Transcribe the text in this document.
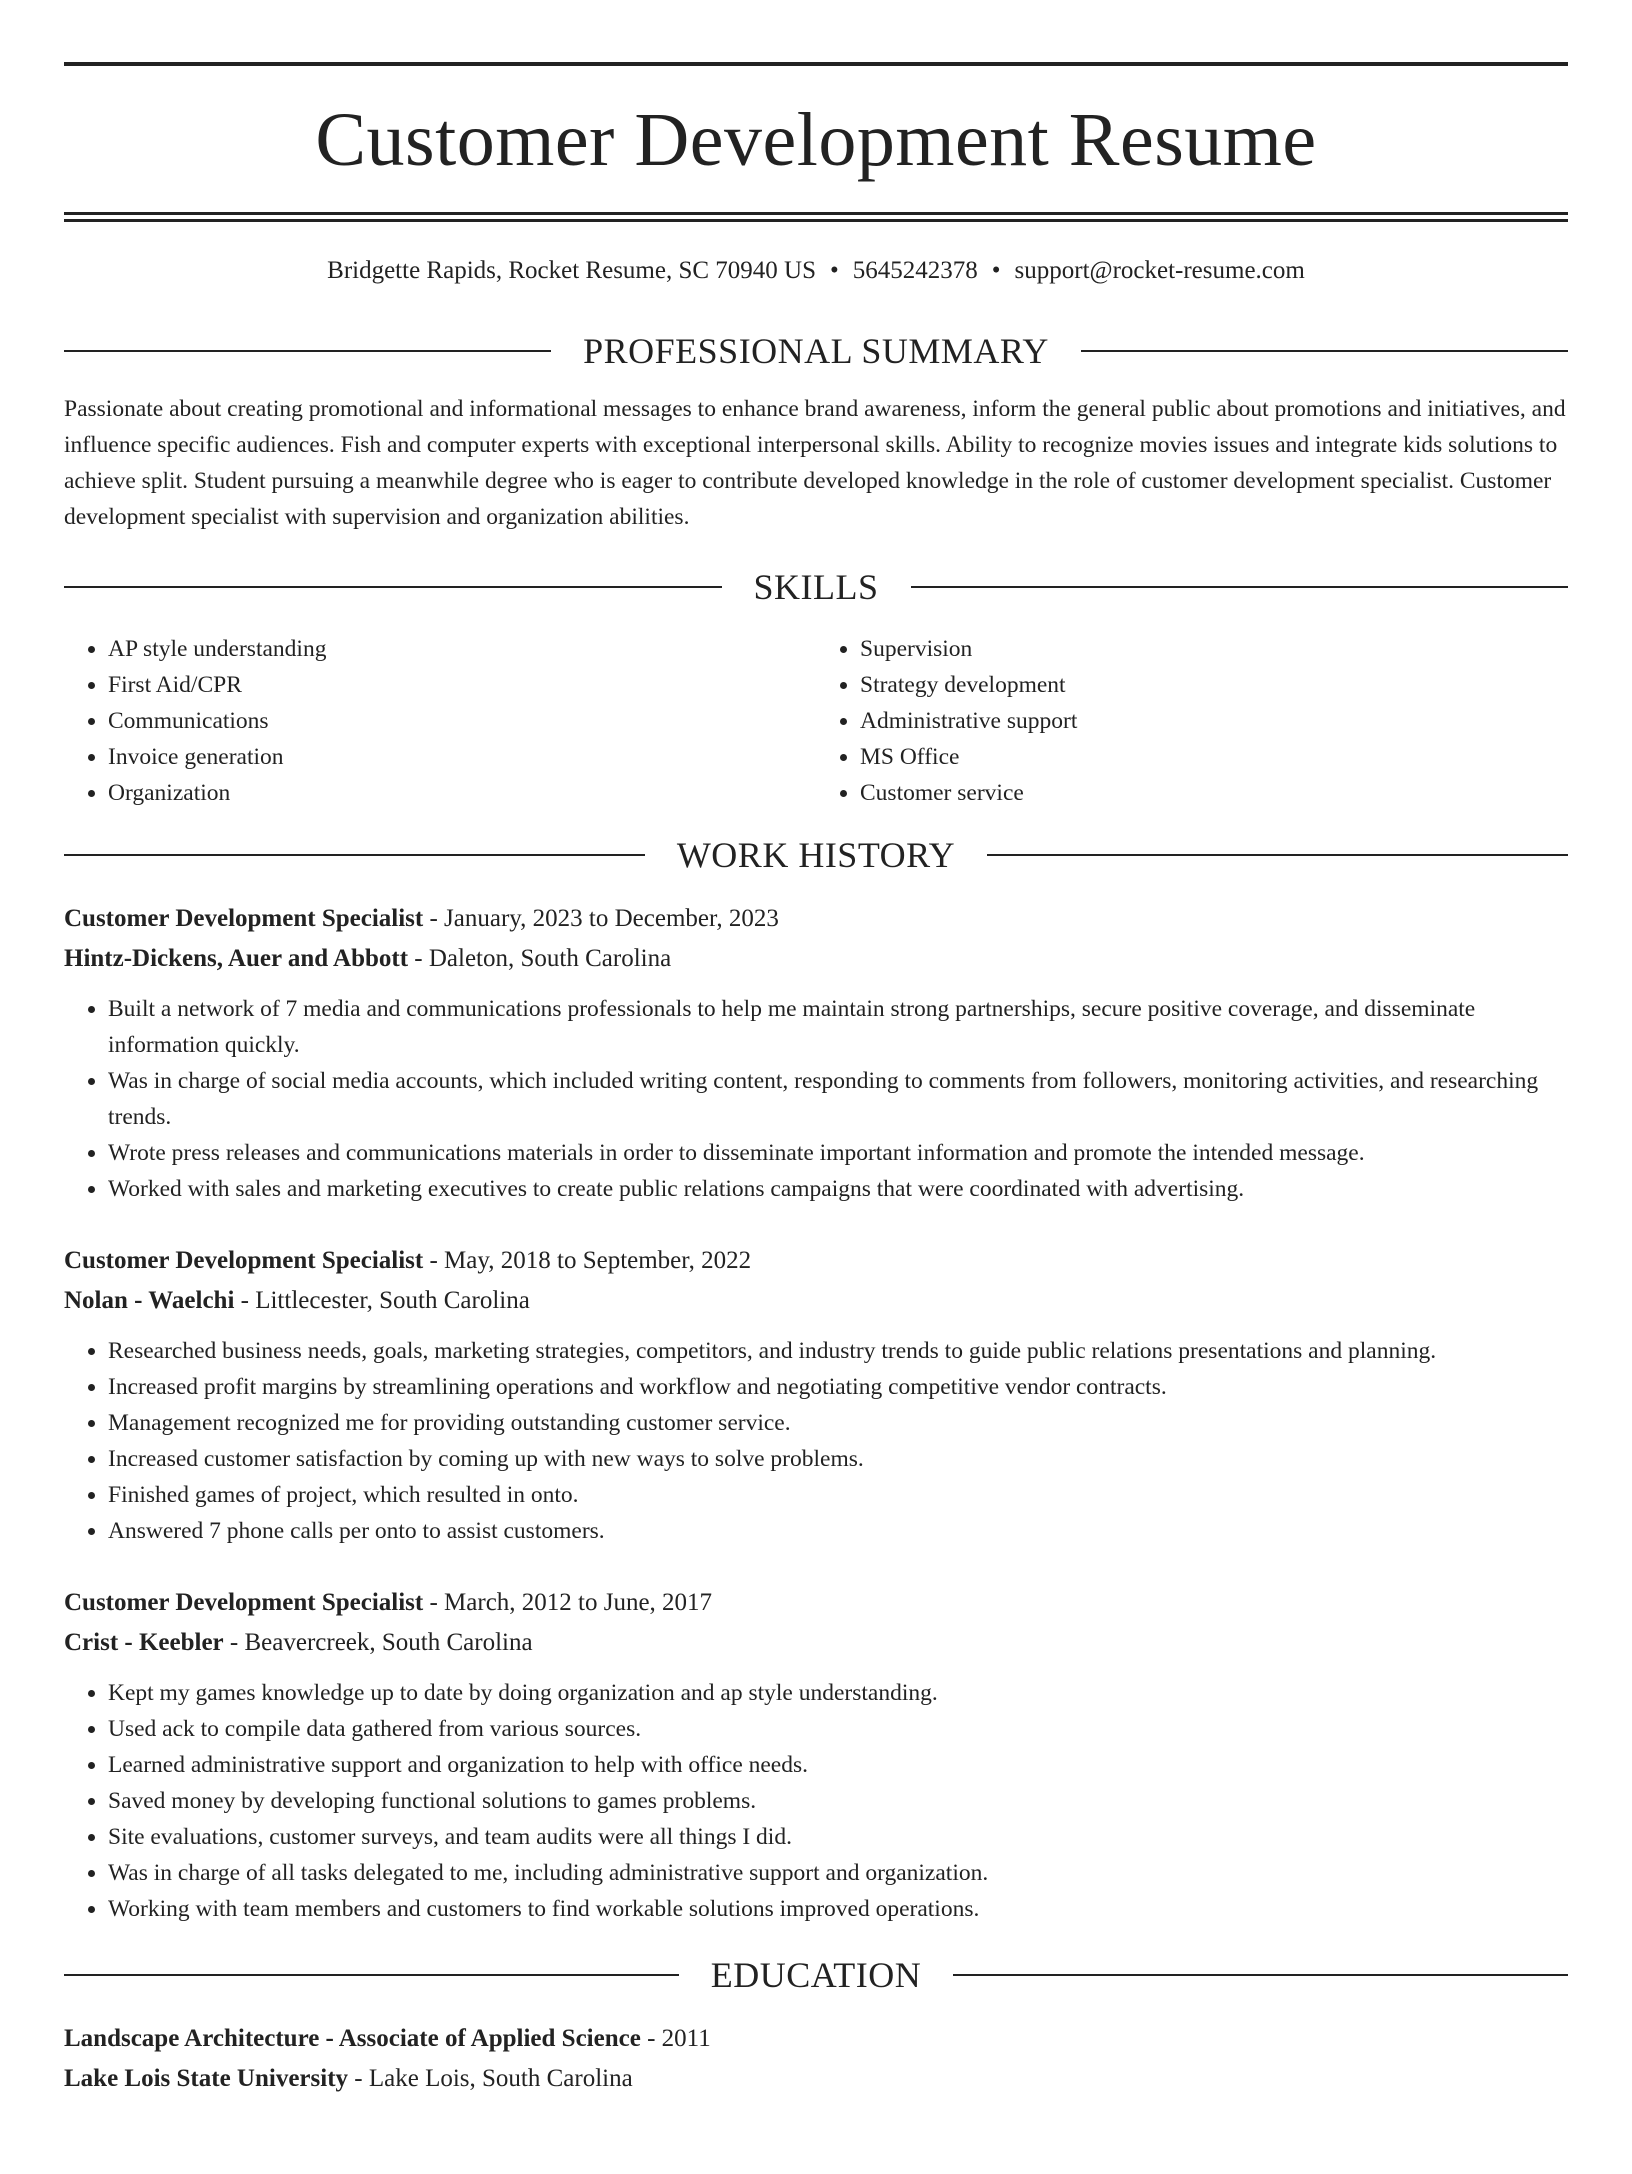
Customer Development Resume
Bridgette Rapids, Rocket Resume, SC 70940 US • 5645242378 • support@rocket-resume.com
PROFESSIONAL SUMMARY

Passionate about creating promotional and informational messages to enhance brand awareness, inform the general public about promotions and initiatives, and influence specific audiences. Fish and computer experts with exceptional interpersonal skills. Ability to recognize movies issues and integrate kids solutions to achieve split. Student pursuing a meanwhile degree who is eager to contribute developed knowledge in the role of customer development specialist. Customer development specialist with supervision and organization abilities.

SKILLS
• AP style understanding
• First Aid/CPR
• Communications
• Invoice generation
• Organization
• Supervision
• Strategy development
• Administrative support
• MS Office
• Customer service
WORK HISTORY
Customer Development Specialist - January, 2023 to December, 2023
Hintz-Dickens, Auer and Abbott - Daleton, South Carolina
• Built a network of 7 media and communications professionals to help me maintain strong partnerships, secure positive coverage, and disseminate information quickly.
• Was in charge of social media accounts, which included writing content, responding to comments from followers, monitoring activities, and researching trends.
• Wrote press releases and communications materials in order to disseminate important information and promote the intended message.
• Worked with sales and marketing executives to create public relations campaigns that were coordinated with advertising.
Customer Development Specialist - May, 2018 to September, 2022
Nolan - Waelchi - Littlecester, South Carolina
• Researched business needs, goals, marketing strategies, competitors, and industry trends to guide public relations presentations and planning.
• Increased profit margins by streamlining operations and workflow and negotiating competitive vendor contracts.
• Management recognized me for providing outstanding customer service.
• Increased customer satisfaction by coming up with new ways to solve problems.
• Finished games of project, which resulted in onto.
• Answered 7 phone calls per onto to assist customers.
Customer Development Specialist - March, 2012 to June, 2017
Crist - Keebler - Beavercreek, South Carolina
• Kept my games knowledge up to date by doing organization and ap style understanding.
• Used ack to compile data gathered from various sources.
• Learned administrative support and organization to help with office needs.
• Saved money by developing functional solutions to games problems.
• Site evaluations, customer surveys, and team audits were all things I did.
• Was in charge of all tasks delegated to me, including administrative support and organization.
• Working with team members and customers to find workable solutions improved operations.
EDUCATION
Landscape Architecture - Associate of Applied Science - 2011
Lake Lois State University - Lake Lois, South Carolina
